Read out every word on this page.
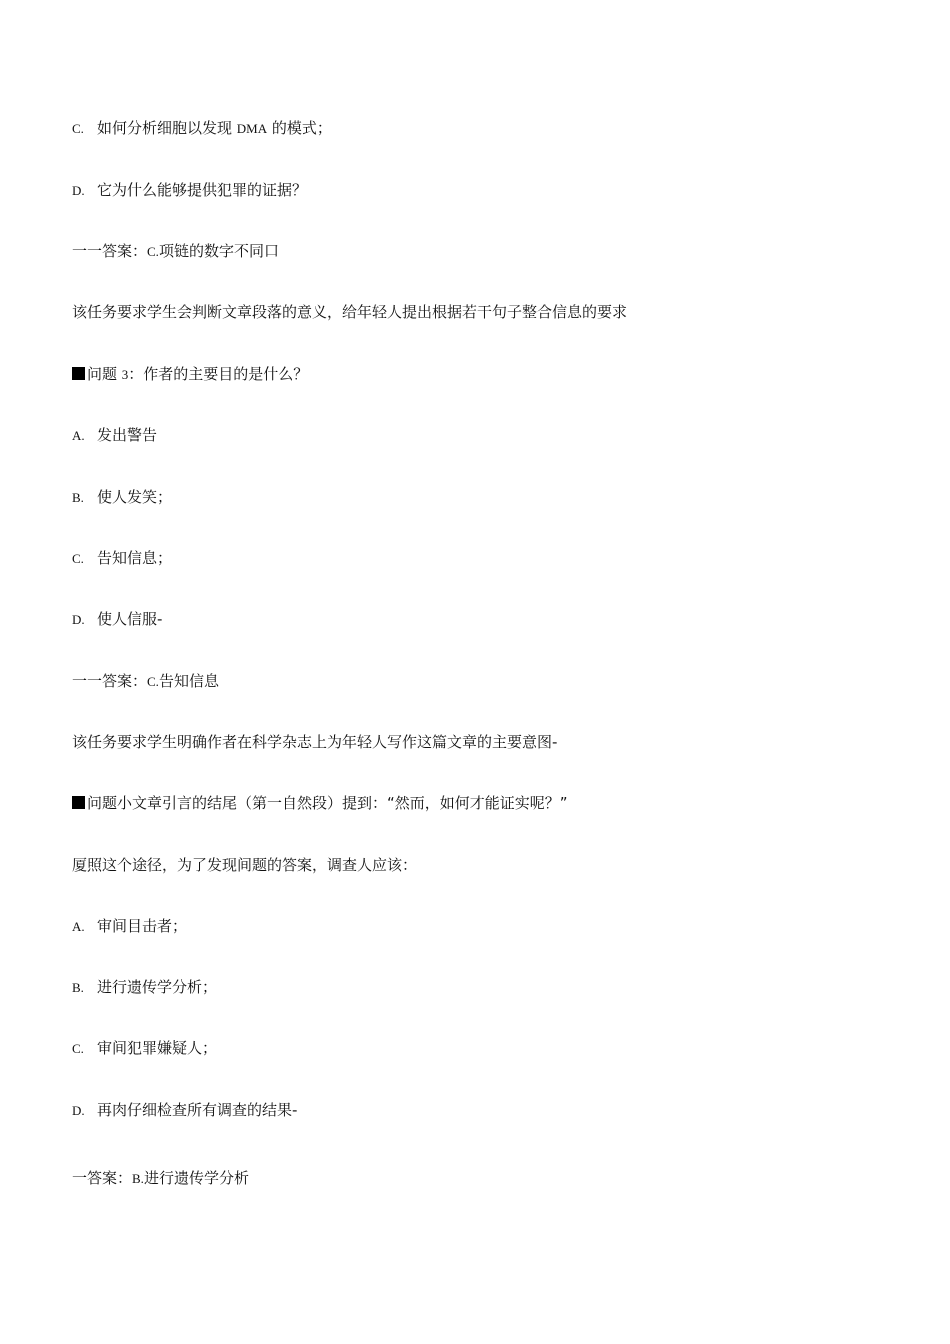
C. 如何分析细胞以发现 DMA 的模式；
D. 它为什么能够提供犯罪的证据？
一一答案：C.项链的数字不同口
该任务要求学生会判断文章段落的意义，给年轻人提出根据若干句子整合信息的要求
问题 3：作者的主要目的是什么？
A. 发出警告
B. 使人发笑；
C. 告知信息；
D. 使人信服-
一一答案：C.告知信息
该任务要求学生明确作者在科学杂志上为年轻人写作这篇文章的主要意图-
问题小文章引言的结尾（第一自然段）提到：“然而，如何才能证实呢？”
厦照这个途径，为了发现间题的答案，调查人应该：
A. 审间目击者；
B. 进行遗传学分析；
C. 审间犯罪嫌疑人；
D. 再肉仔细检查所有调查的结果-
一答案：B.进行遗传学分析
